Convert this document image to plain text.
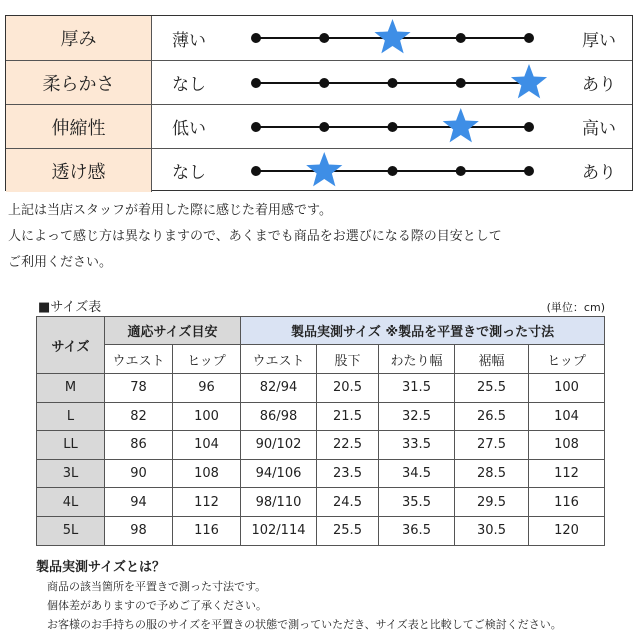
厚み	薄い	厚い
柔らかさ	なし	あり
伸縮性	低い	高い
透け感	なし	あり
上記は当店スタッフが着用した際に感じた着用感です。
人によって感じ方は異なりますので、あくまでも商品をお選びになる際の目安として
ご利用ください。
■サイズ表	(単位：cm)
サイズ	適応サイズ目安		製品実測サイズ ※製品を平置きで測った寸法				
	ウエスト	ヒップ	ウエスト	股下	わたり幅	裾幅	ヒップ
M	78	96	82/94	20.5	31.5	25.5	100
L	82	100	86/98	21.5	32.5	26.5	104
LL	86	104	90/102	22.5	33.5	27.5	108
3L	90	108	94/106	23.5	34.5	28.5	112
4L	94	112	98/110	24.5	35.5	29.5	116
5L	98	116	102/114	25.5	36.5	30.5	120
製品実測サイズとは？
商品の該当箇所を平置きで測った寸法です。
個体差がありますので予めご了承ください。
お客様のお手持ちの服のサイズを平置きの状態で測っていただき、サイズ表と比較してご検討ください。
